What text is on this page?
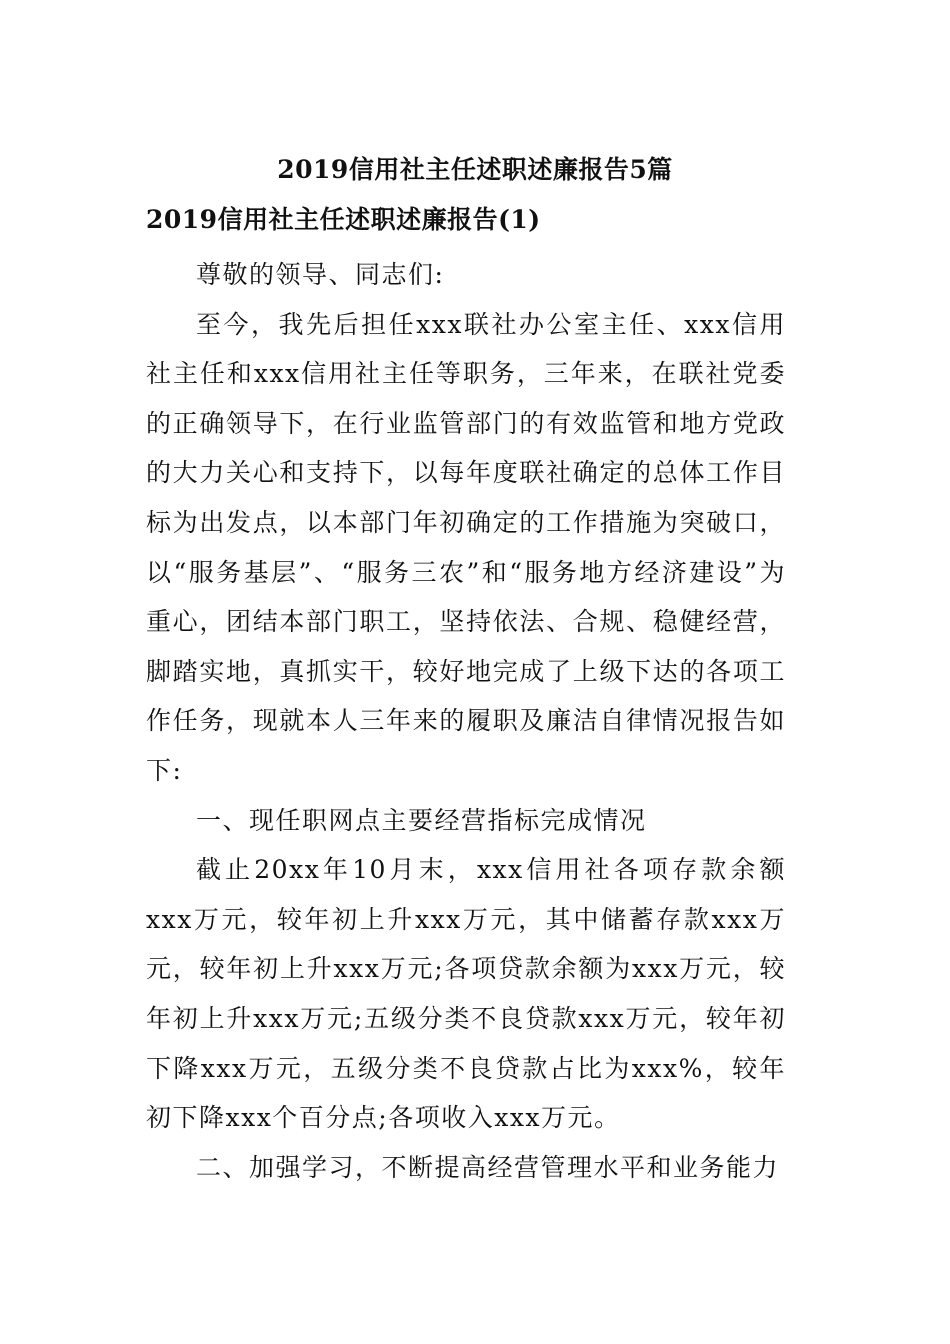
2019信用社主任述职述廉报告5篇
2019信用社主任述职述廉报告(1)

尊敬的领导、同志们:

至今，我先后担任xxx联社办公室主任、xxx信用社主任和xxx信用社主任等职务，三年来，在联社党委的正确领导下，在行业监管部门的有效监管和地方党政的大力关心和支持下，以每年度联社确定的总体工作目标为出发点，以本部门年初确定的工作措施为突破口，以“服务基层”、“服务三农”和“服务地方经济建设”为重心，团结本部门职工，坚持依法、合规、稳健经营，脚踏实地，真抓实干，较好地完成了上级下达的各项工作任务，现就本人三年来的履职及廉洁自律情况报告如下:

一、现任职网点主要经营指标完成情况

截止20xx年10月末，xxx信用社各项存款余额xxx万元，较年初上升xxx万元，其中储蓄存款xxx万元，较年初上升xxx万元;各项贷款余额为xxx万元，较年初上升xxx万元;五级分类不良贷款xxx万元，较年初下降xxx万元，五级分类不良贷款占比为xxx%，较年初下降xxx个百分点;各项收入xxx万元。

二、加强学习，不断提高经营管理水平和业务能力
